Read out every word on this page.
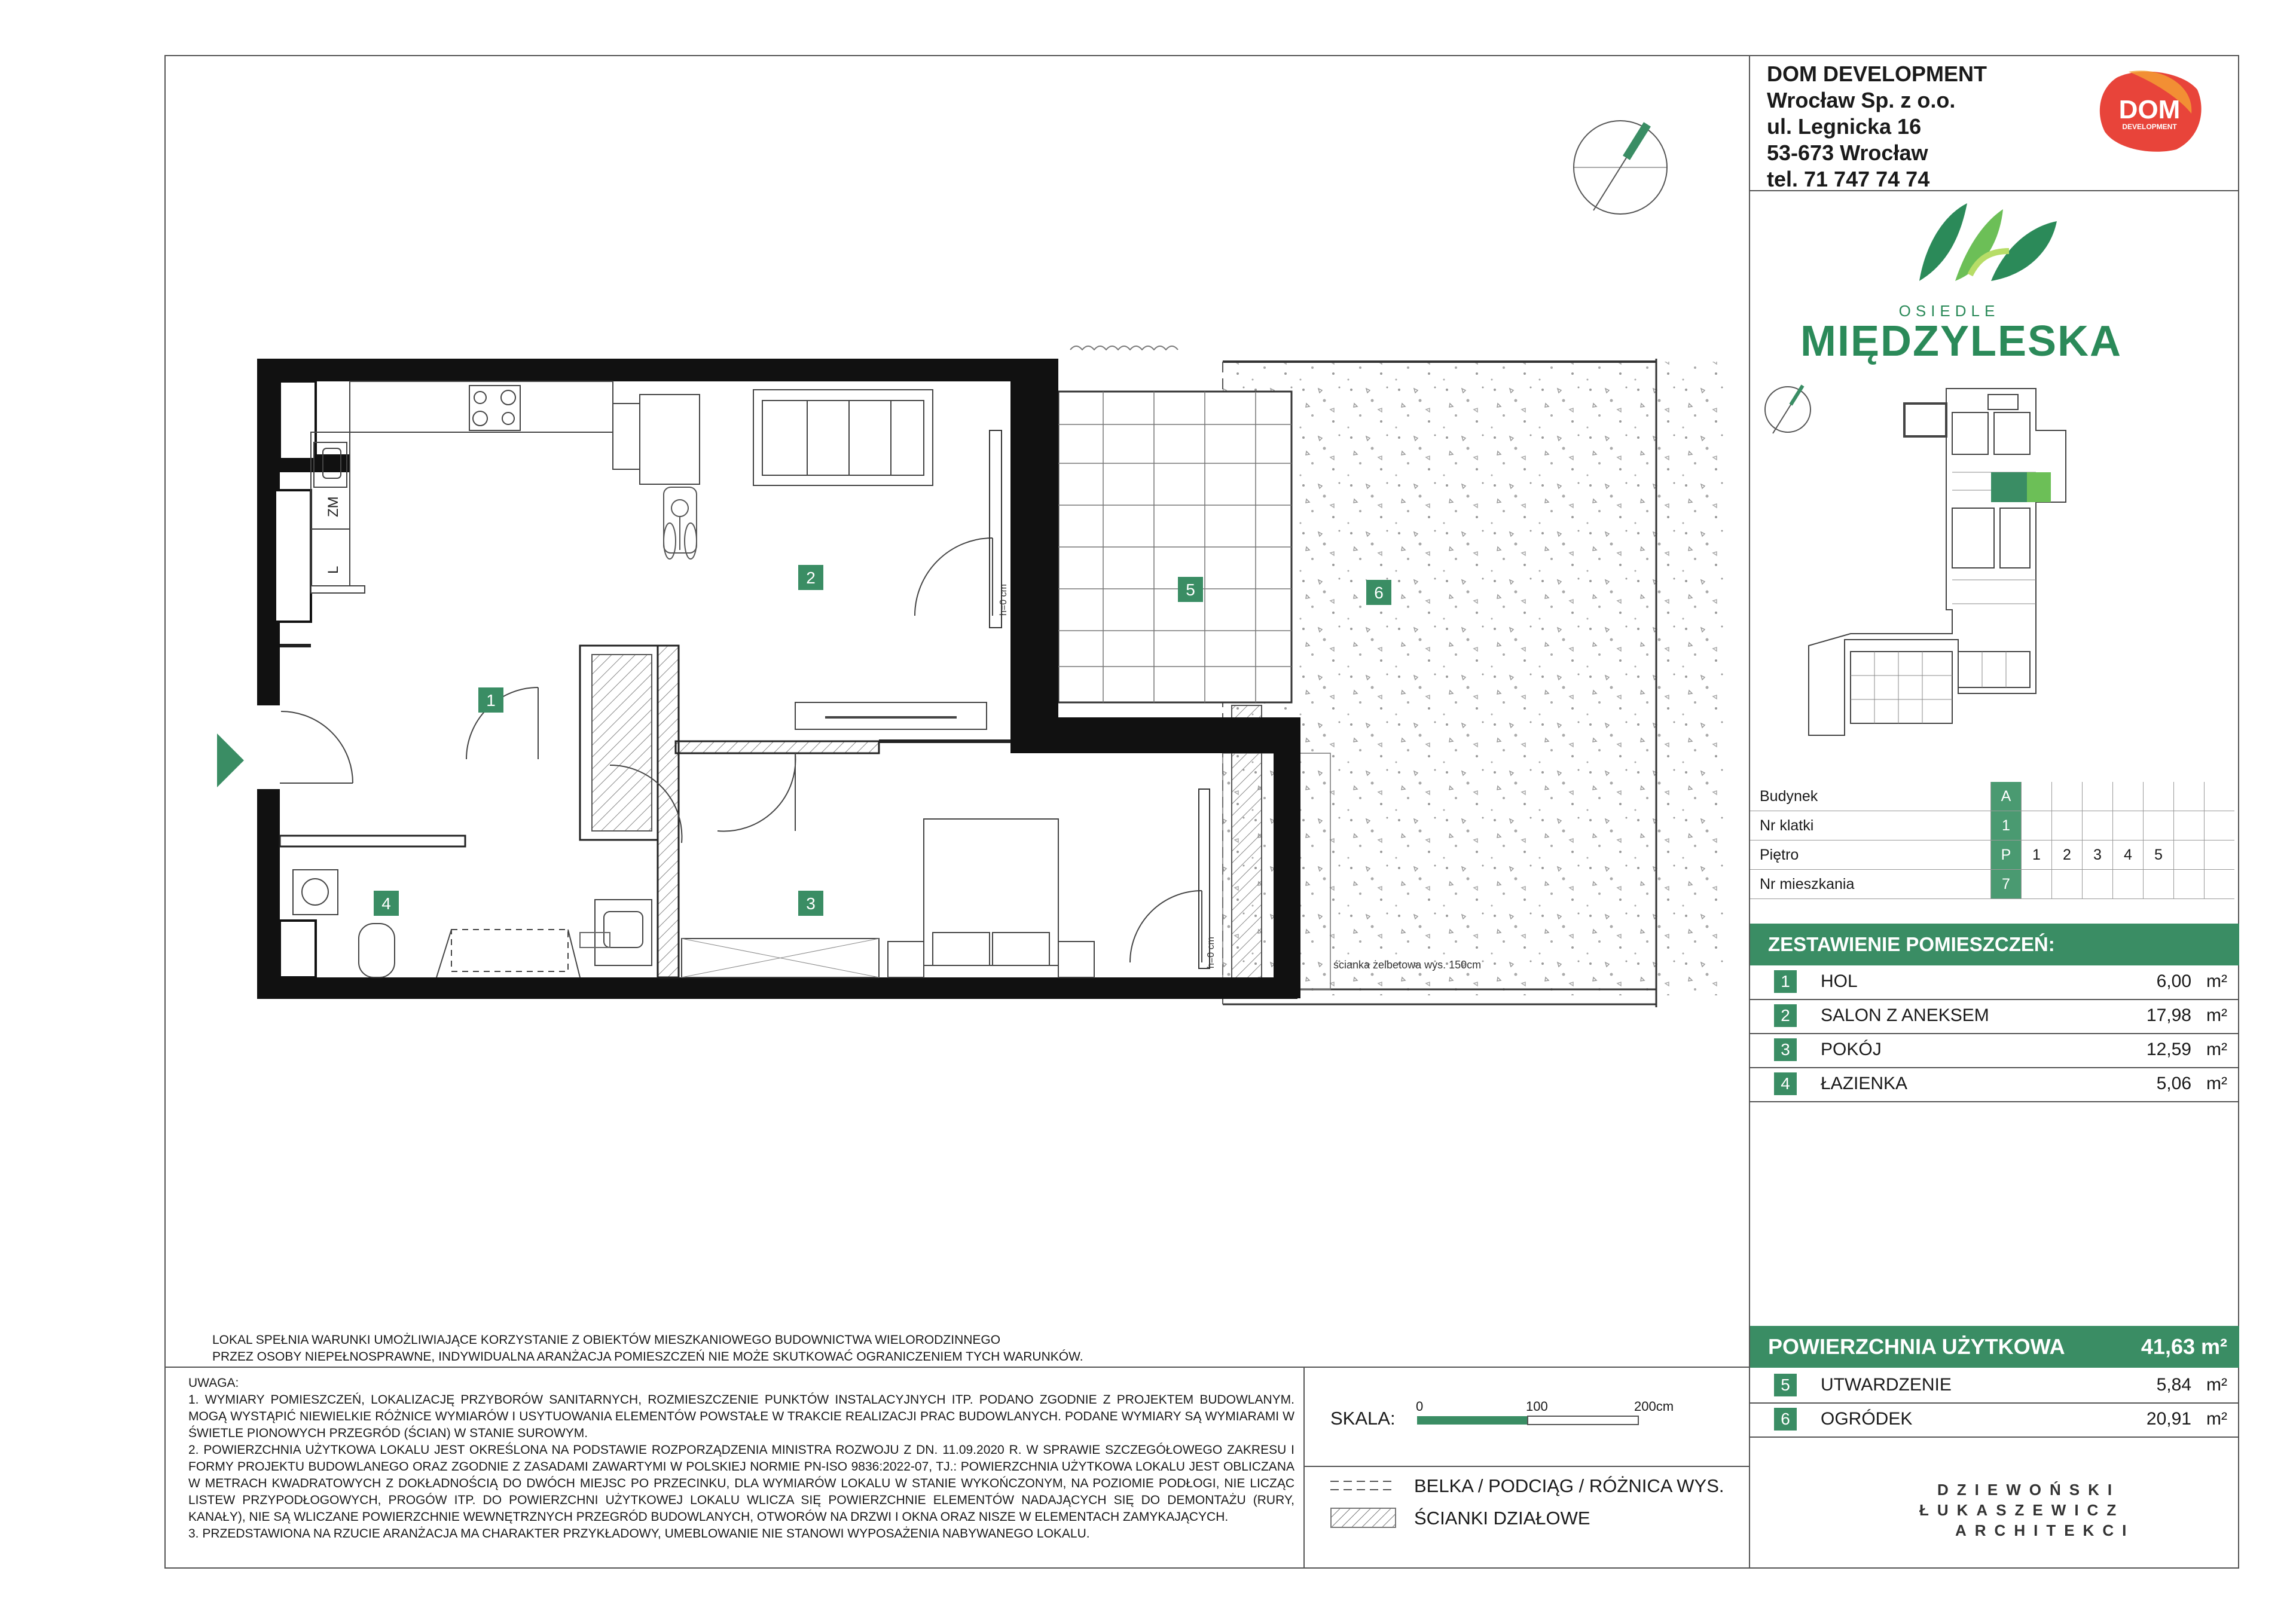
DOM DEVELOPMENT
Wrocław Sp. z o.o.
ul. Legnicka 16
53-673 Wrocław
tel. 71 747 74 74
DOM
DEVELOPMENT
OSIEDLE
MIĘDZYLESKA
Budynek	A							
Nr klatki	1							
Piętro	P	1	2	3	4	5		
Nr mieszkania	7							
ZESTAWIENIE POMIESZCZEŃ:
1	HOL	6,00 m²
2	SALON Z ANEKSEM	17,98 m²
3	POKÓJ	12,59 m²
4	ŁAZIENKA	5,06 m²
POWIERZCHNIA UŻYTKOWA	41,63 m²
5	UTWARDZENIE	5,84 m²
6	OGRÓDEK	20,91 m²
DZIEWOŃSKI
ŁUKASZEWICZ
ARCHITEKCI
ścianka żelbetowa wys. 150cm
ZM
L
h=0 cm
h=0 cm
1
2
3
4
5	6
LOKAL SPEŁNIA WARUNKI UMOŻLIWIAJĄCE KORZYSTANIE Z OBIEKTÓW MIESZKANIOWEGO BUDOWNICTWA WIELORODZINNEGO
PRZEZ OSOBY NIEPEŁNOSPRAWNE, INDYWIDUALNA ARANŻACJA POMIESZCZEŃ NIE MOŻE SKUTKOWAĆ OGRANICZENIEM TYCH WARUNKÓW.
UWAGA:
1. WYMIARY POMIESZCZEŃ, LOKALIZACJĘ PRZYBORÓW SANITARNYCH, ROZMIESZCZENIE PUNKTÓW INSTALACYJNYCH ITP. PODANO ZGODNIE Z PROJEKTEM BUDOWLANYM. MOGĄ WYSTĄPIĆ NIEWIELKIE RÓŻNICE WYMIARÓW I USYTUOWANIA ELEMENTÓW POWSTAŁE W TRAKCIE REALIZACJI PRAC BUDOWLANYCH. PODANE WYMIARY SĄ WYMIARAMI W ŚWIETLE PIONOWYCH PRZEGRÓD (ŚCIAN) W STANIE SUROWYM.
2. POWIERZCHNIA UŻYTKOWA LOKALU JEST OKREŚLONA NA PODSTAWIE ROZPORZĄDZENIA MINISTRA ROZWOJU Z DN. 11.09.2020 R. W SPRAWIE SZCZEGÓŁOWEGO ZAKRESU I FORMY PROJEKTU BUDOWLANEGO ORAZ ZGODNIE Z ZASADAMI ZAWARTYMI W POLSKIEJ NORMIE PN-ISO 9836:2022-07, TJ.: POWIERZCHNIA UŻYTKOWA LOKALU JEST OBLICZANA W METRACH KWADRATOWYCH Z DOKŁADNOŚCIĄ DO DWÓCH MIEJSC PO PRZECINKU, DLA WYMIARÓW LOKALU W STANIE WYKOŃCZONYM, NA POZIOMIE PODŁOGI, NIE LICZĄC LISTEW PRZYPODŁOGOWYCH, PROGÓW ITP. DO POWIERZCHNI UŻYTKOWEJ LOKALU WLICZA SIĘ POWIERZCHNIE ELEMENTÓW NADAJĄCYCH SIĘ DO DEMONTAŻU (RURY, KANAŁY), NIE SĄ WLICZANE POWIERZCHNIE WEWNĘTRZNYCH PRZEGRÓD BUDOWLANYCH, OTWORÓW NA DRZWI I OKNA ORAZ NISZE W ELEMENTACH ZAMYKAJĄCYCH.
3. PRZEDSTAWIONA NA RZUCIE ARANŻACJA MA CHARAKTER PRZYKŁADOWY, UMEBLOWANIE NIE STANOWI WYPOSAŻENIA NABYWANEGO LOKALU.
SKALA:
0	100	200cm
BELKA / PODCIĄG / RÓŻNICA WYS.
ŚCIANKI DZIAŁOWE
